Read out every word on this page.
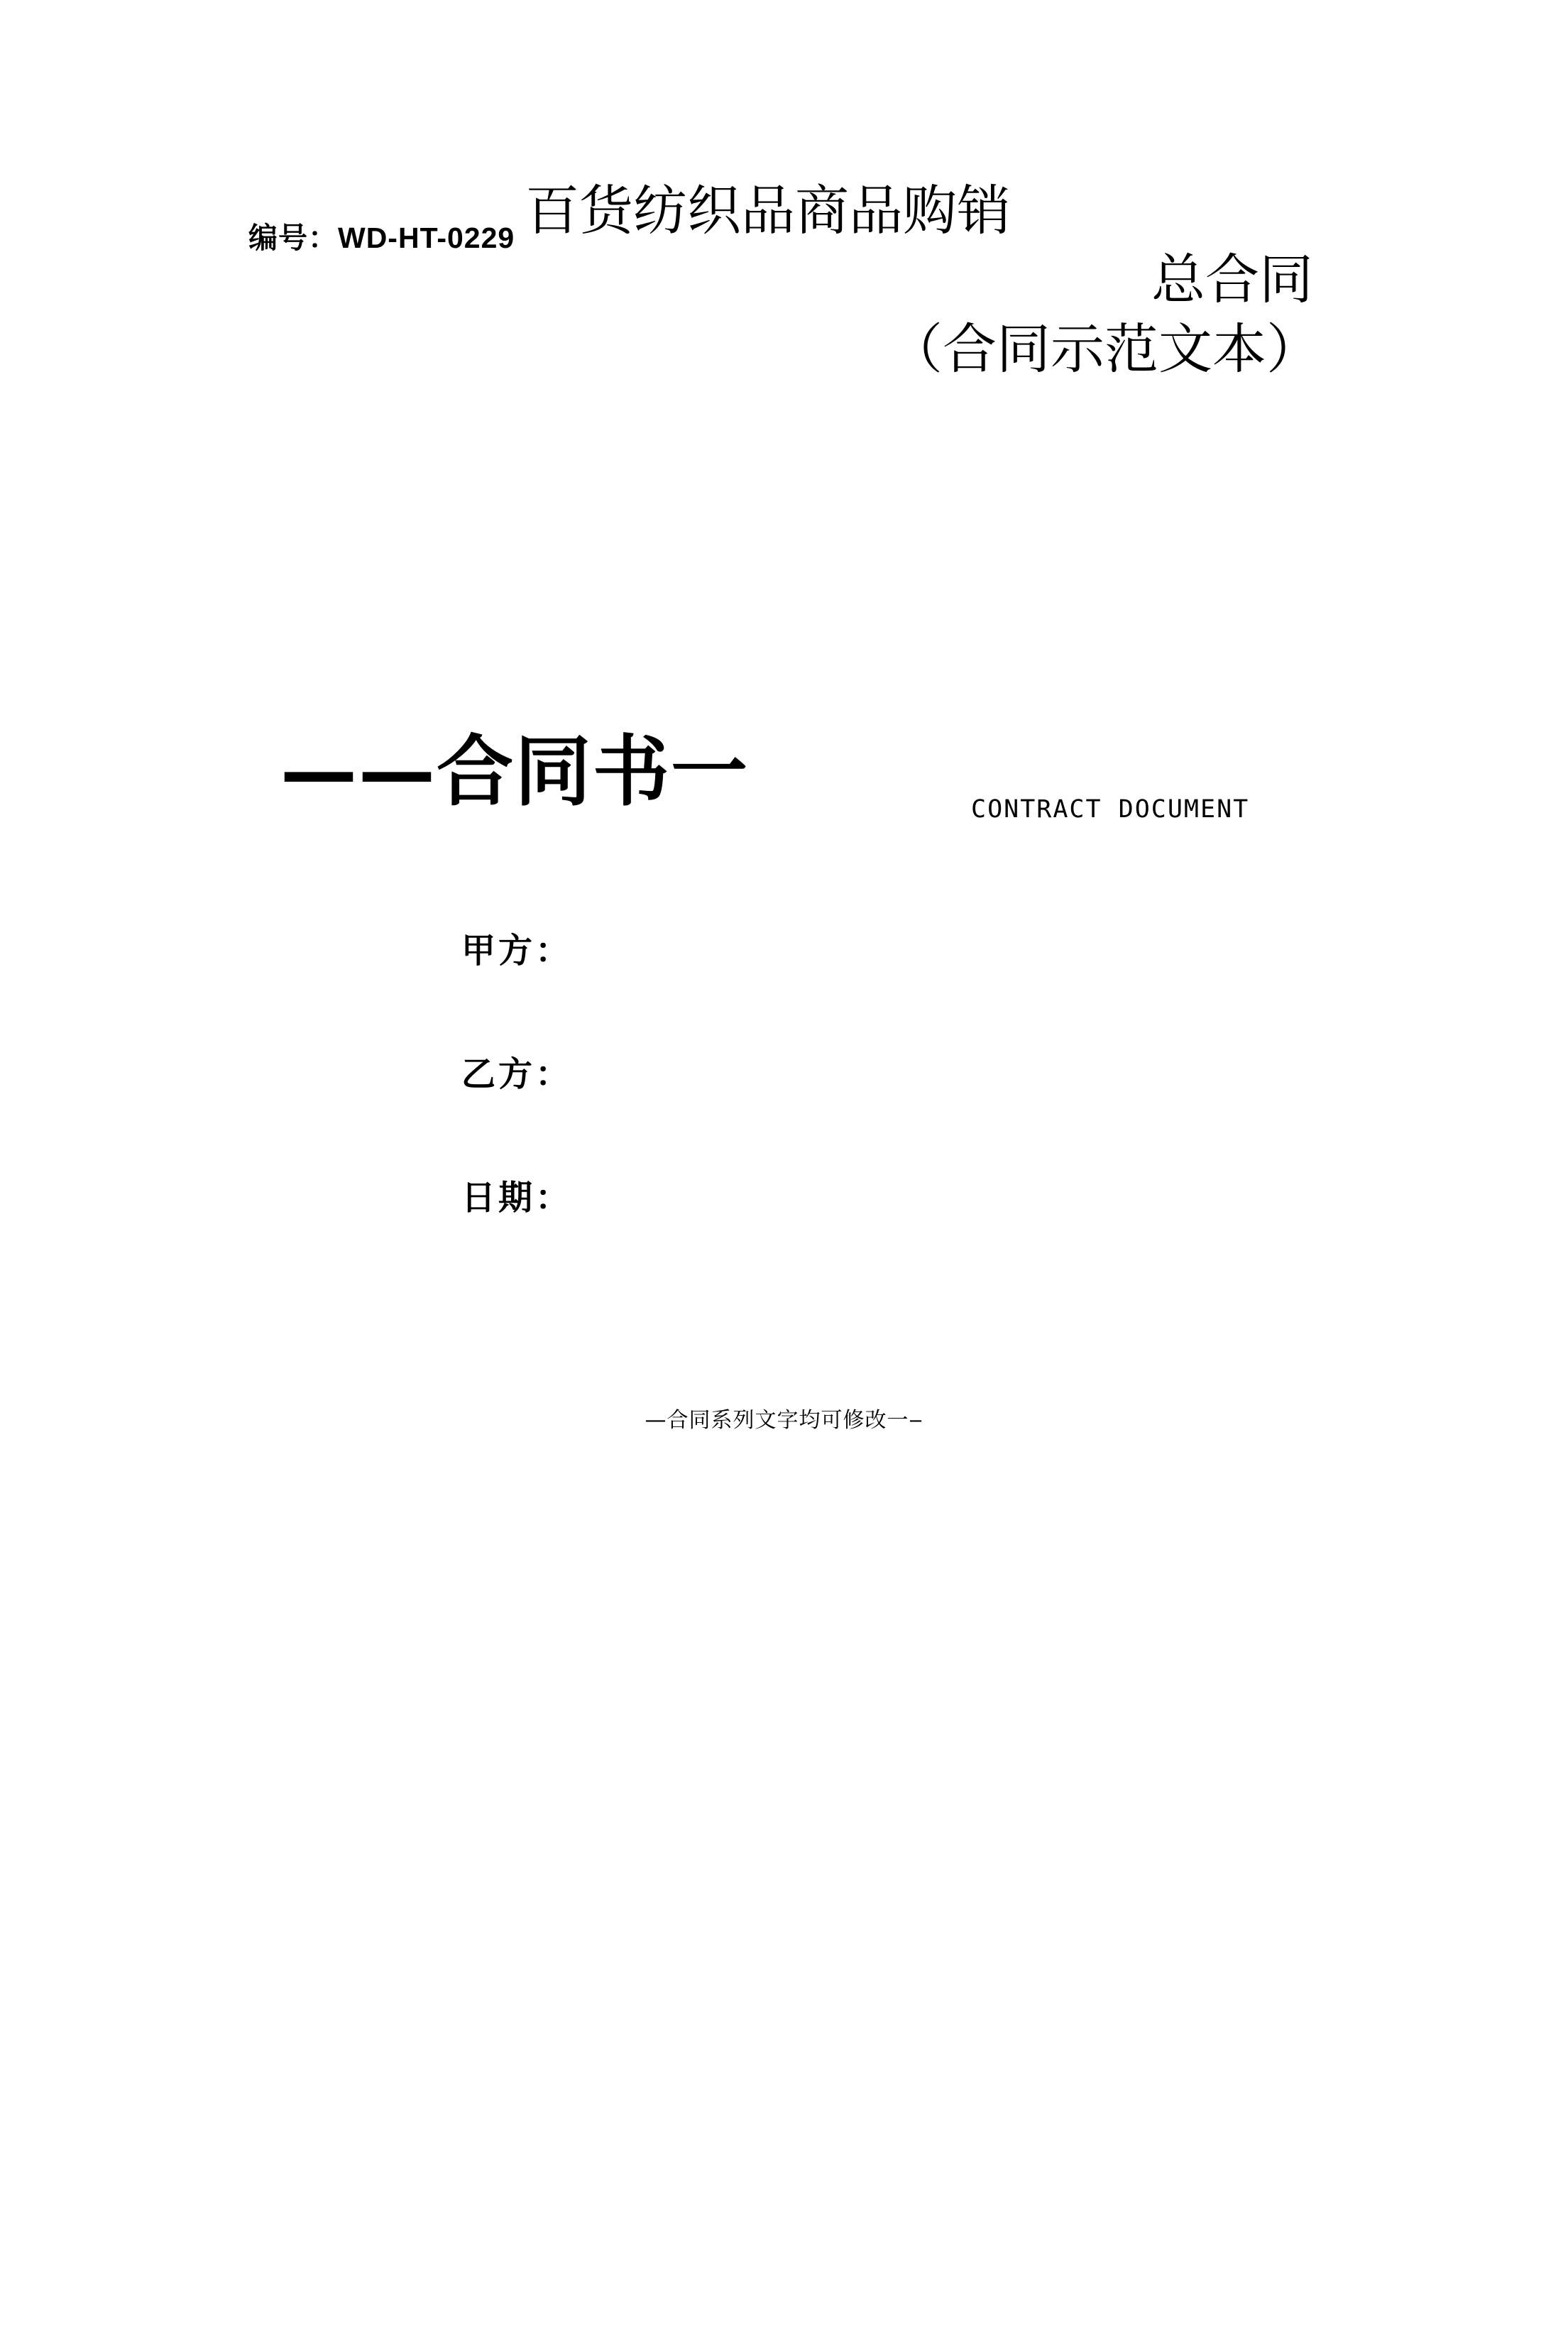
编号：WD-HT-0229 百货纺织品商品购销
总合同
（合同示范文本）
——合同书一	CONTRACT DOCUMENT
甲方：
乙方：
日期：
—合同系列文字均可修改一‒
